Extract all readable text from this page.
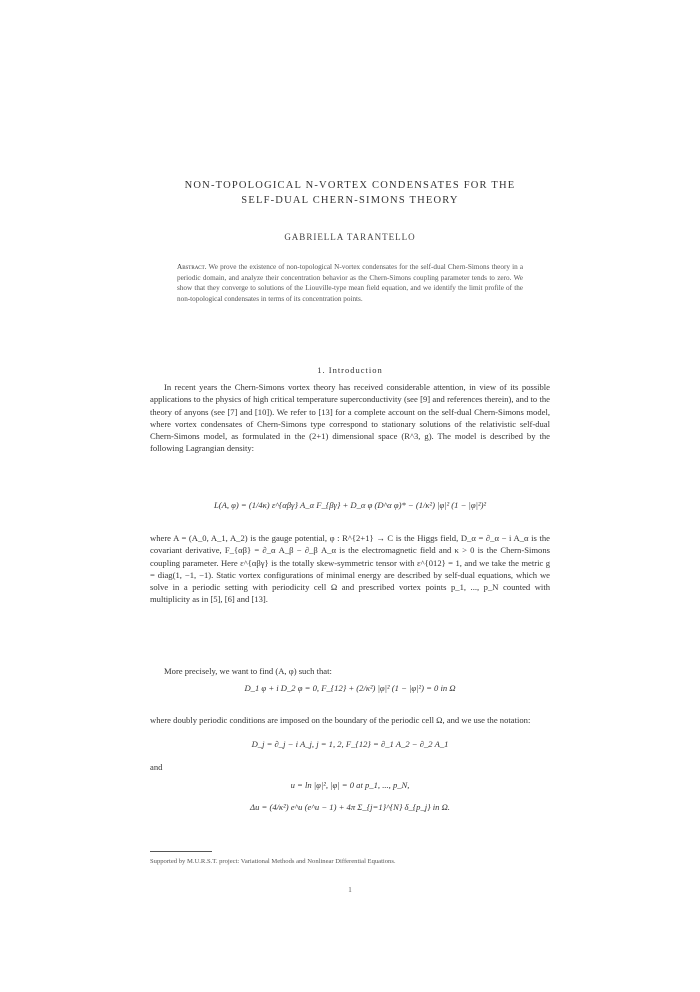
NON-TOPOLOGICAL N-VORTEX CONDENSATES FOR THE
SELF-DUAL CHERN-SIMONS THEORY
GABRIELLA TARANTELLO
Abstract. We prove the existence of non-topological N-vortex condensates for the self-dual Chern-Simons theory in a periodic domain, and analyze their concentration behavior as the Chern-Simons coupling parameter tends to zero. We show that they converge to solutions of the Liouville-type mean field equation, and we identify the limit profile of the non-topological condensates in terms of its concentration points.
1. Introduction
In recent years the Chern-Simons vortex theory has received considerable attention, in view of its possible applications to the physics of high critical temperature superconductivity (see [9] and references therein), and to the theory of anyons (see [7] and [10]). We refer to [13] for a complete account on the self-dual Chern-Simons model, where vortex condensates of Chern-Simons type correspond to stationary solutions of the relativistic self-dual Chern-Simons model, as formulated in the (2+1) dimensional space (R^3, g). The model is described by the following Lagrangian density:
L(A, φ) = (1/4κ) ε^{αβγ} A_α F_{βγ} + D_α φ (D^α φ)* − (1/κ²) |φ|² (1 − |φ|²)²
where A = (A_0, A_1, A_2) is the gauge potential, φ : R^{2+1} → C is the Higgs field, D_α = ∂_α − i A_α is the covariant derivative, F_{αβ} = ∂_α A_β − ∂_β A_α is the electromagnetic field and κ > 0 is the Chern-Simons coupling parameter. Here ε^{αβγ} is the totally skew-symmetric tensor with ε^{012} = 1, and we take the metric g = diag(1, −1, −1). Static vortex configurations of minimal energy are described by self-dual equations, which we solve in a periodic setting with periodicity cell Ω and prescribed vortex points p_1, ..., p_N counted with multiplicity as in [5], [6] and [13].
More precisely, we want to find (A, φ) such that:
D_1 φ + i D_2 φ = 0, F_{12} + (2/κ²) |φ|² (1 − |φ|²) = 0 in Ω
where doubly periodic conditions are imposed on the boundary of the periodic cell Ω, and we use the notation:
D_j = ∂_j − i A_j, j = 1, 2, F_{12} = ∂_1 A_2 − ∂_2 A_1
and
u = ln |φ|², |φ| = 0 at p_1, ..., p_N,
Δu = (4/κ²) e^u (e^u − 1) + 4π Σ_{j=1}^{N} δ_{p_j} in Ω.
Supported by M.U.R.S.T. project: Variational Methods and Nonlinear Differential Equations.
1
